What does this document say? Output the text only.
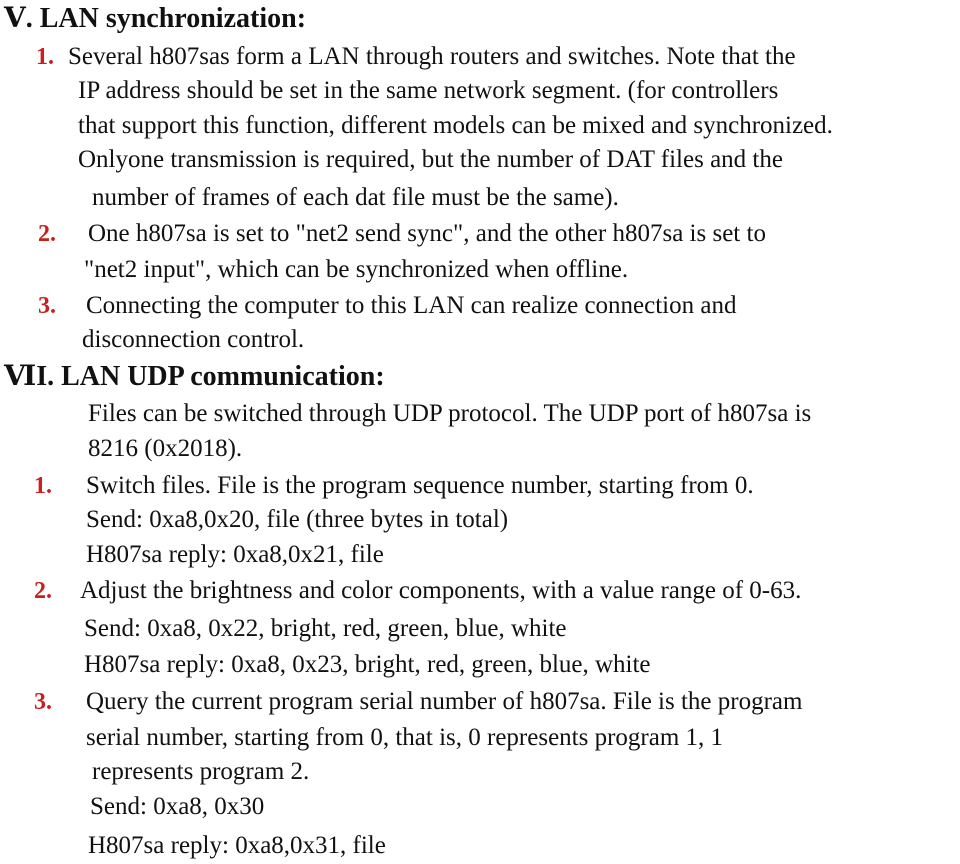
Ⅴ. LAN synchronization:
1. Several h807sas form a LAN through routers and switches. Note that the

IP address should be set in the same network segment. (for controllers

that support this function, different models can be mixed and synchronized.

Onlyone transmission is required, but the number of DAT files and the

number of frames of each dat file must be the same).

2. One h807sa is set to "net2 send sync", and the other h807sa is set to

"net2 input", which can be synchronized when offline.

3. Connecting the computer to this LAN can realize connection and

disconnection control.

ⅥI. LAN UDP communication:

Files can be switched through UDP protocol. The UDP port of h807sa is

8216 (0x2018).

1. Switch files. File is the program sequence number, starting from 0.

Send: 0xa8,0x20, file (three bytes in total)

H807sa reply: 0xa8,0x21, file

2. Adjust the brightness and color components, with a value range of 0-63.

Send: 0xa8, 0x22, bright, red, green, blue, white

H807sa reply: 0xa8, 0x23, bright, red, green, blue, white

3. Query the current program serial number of h807sa. File is the program

serial number, starting from 0, that is, 0 represents program 1, 1

represents program 2.

Send: 0xa8, 0x30

H807sa reply: 0xa8,0x31, file
